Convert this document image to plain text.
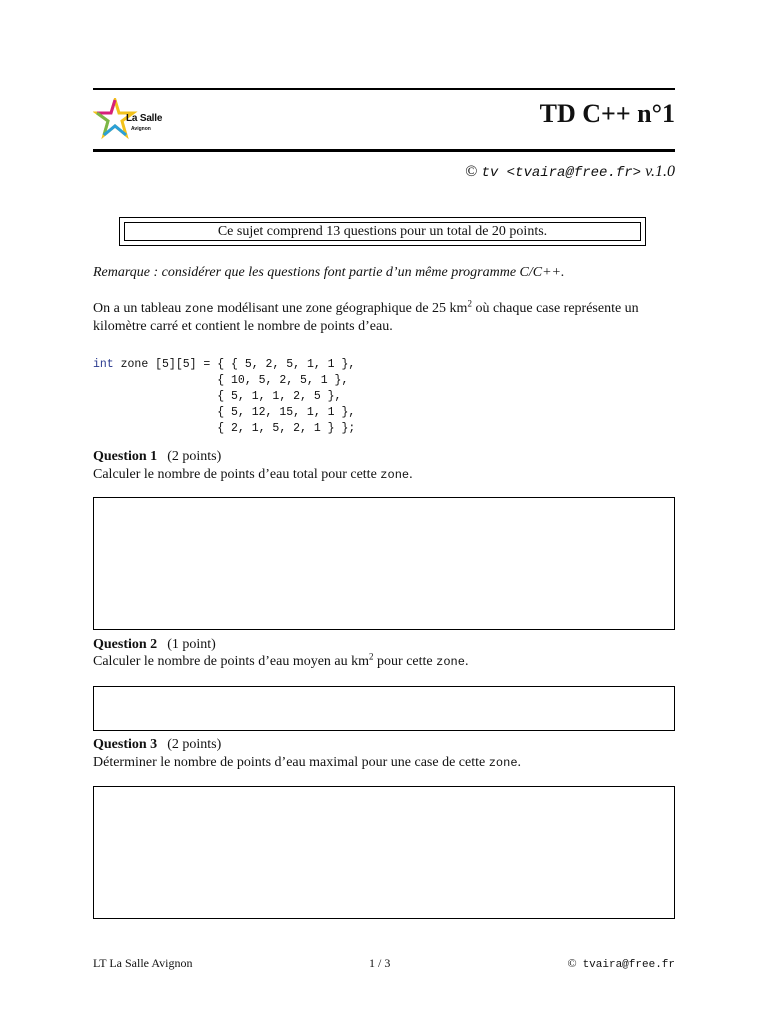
La Salle
Avignon
TD C++ n°1
© tv <tvaira@free.fr> v.1.0
Ce sujet comprend 13 questions pour un total de 20 points.
Remarque : considérer que les questions font partie d’un même programme C/C++.
On a un tableau zone modélisant une zone géographique de 25 $km^2$ où chaque case représente un kilomètre carré et contient le nombre de points d’eau.
int zone [5][5] = { { 5, 2, 5, 1, 1 },
{ 10, 5, 2, 5, 1 },
{ 5, 1, 1, 2, 5 },
{ 5, 12, 15, 1, 1 },
{ 2, 1, 5, 2, 1 } };
Question 1 (2 points)
Calculer le nombre de points d’eau total pour cette zone.
Question 2 (1 point)
Calculer le nombre de points d’eau moyen au $km^2$ pour cette zone.
Question 3 (2 points)
Déterminer le nombre de points d’eau maximal pour une case de cette zone.
LT La Salle Avignon	1 / 3	© tvaira@free.fr
